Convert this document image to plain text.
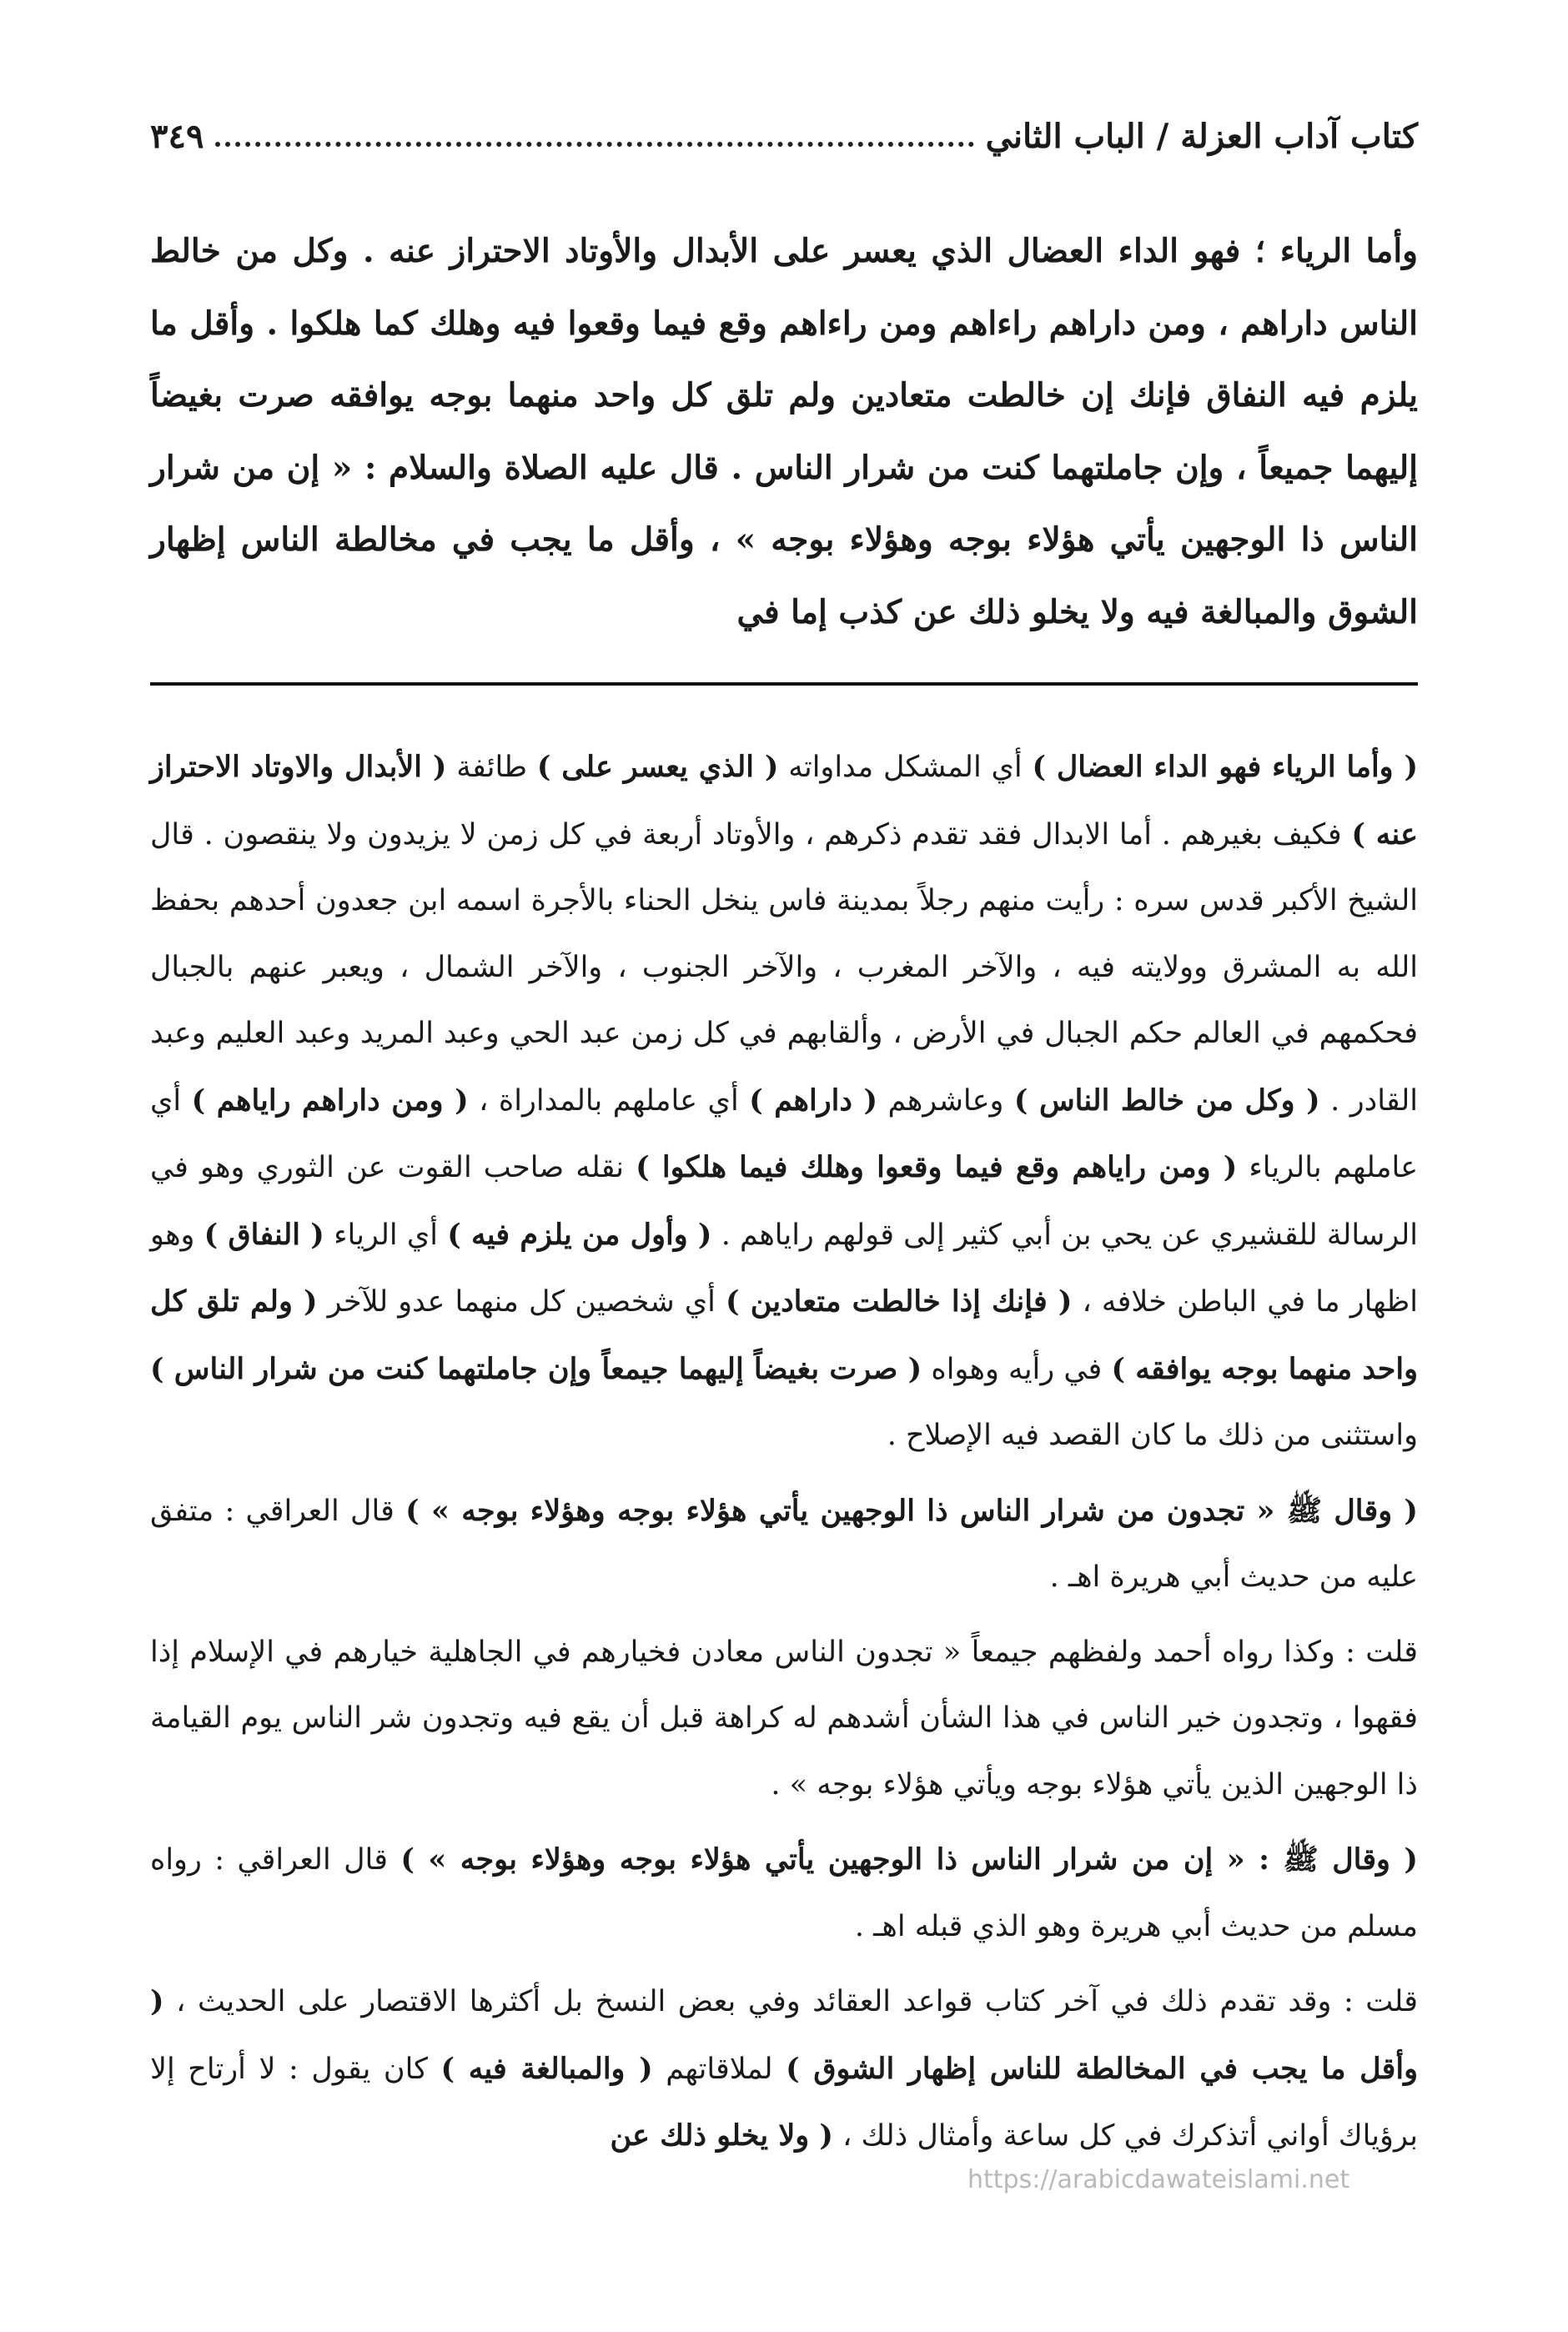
كتاب آداب العزلة / الباب الثاني
٣٤٩

وأما الرياء ؛ فهو الداء العضال الذي يعسر على الأبدال والأوتاد الاحتراز عنه . وكل من خالط الناس داراهم ، ومن داراهم راءاهم ومن راءاهم وقع فيما وقعوا فيه وهلك كما هلكوا . وأقل ما يلزم فيه النفاق فإنك إن خالطت متعادين ولم تلق كل واحد منهما بوجه يوافقه صرت بغيضاً إليهما جميعاً ، وإن جاملتهما كنت من شرار الناس . قال عليه الصلاة والسلام : « إن من شرار الناس ذا الوجهين يأتي هؤلاء بوجه وهؤلاء بوجه » ، وأقل ما يجب في مخالطة الناس إظهار الشوق والمبالغة فيه ولا يخلو ذلك عن كذب إما في

( وأما الرياء فهو الداء العضال ) أي المشكل مداواته ( الذي يعسر على ) طائفة ( الأبدال والاوتاد الاحتراز عنه ) فكيف بغيرهم . أما الابدال فقد تقدم ذكرهم ، والأوتاد أربعة في كل زمن لا يزيدون ولا ينقصون . قال الشيخ الأكبر قدس سره : رأيت منهم رجلاً بمدينة فاس ينخل الحناء بالأجرة اسمه ابن جعدون أحدهم بحفظ الله به المشرق وولايته فيه ، والآخر المغرب ، والآخر الجنوب ، والآخر الشمال ، ويعبر عنهم بالجبال فحكمهم في العالم حكم الجبال في الأرض ، وألقابهم في كل زمن عبد الحي وعبد المريد وعبد العليم وعبد القادر . ( وكل من خالط الناس ) وعاشرهم ( داراهم ) أي عاملهم بالمداراة ، ( ومن داراهم راياهم ) أي عاملهم بالرياء ( ومن راياهم وقع فيما وقعوا وهلك فيما هلكوا ) نقله صاحب القوت عن الثوري وهو في الرسالة للقشيري عن يحي بن أبي كثير إلى قولهم راياهم . ( وأول من يلزم فيه ) أي الرياء ( النفاق ) وهو اظهار ما في الباطن خلافه ، ( فإنك إذا خالطت متعادين ) أي شخصين كل منهما عدو للآخر ( ولم تلق كل واحد منهما بوجه يوافقه ) في رأيه وهواه ( صرت بغيضاً إليهما جيمعاً وإن جاملتهما كنت من شرار الناس ) واستثنى من ذلك ما كان القصد فيه الإصلاح .

( وقال ﷺ « تجدون من شرار الناس ذا الوجهين يأتي هؤلاء بوجه وهؤلاء بوجه » ) قال العراقي : متفق عليه من حديث أبي هريرة اهـ .

قلت : وكذا رواه أحمد ولفظهم جيمعاً « تجدون الناس معادن فخيارهم في الجاهلية خيارهم في الإسلام إذا فقهوا ، وتجدون خير الناس في هذا الشأن أشدهم له كراهة قبل أن يقع فيه وتجدون شر الناس يوم القيامة ذا الوجهين الذين يأتي هؤلاء بوجه ويأتي هؤلاء بوجه » .

( وقال ﷺ : « إن من شرار الناس ذا الوجهين يأتي هؤلاء بوجه وهؤلاء بوجه » ) قال العراقي : رواه مسلم من حديث أبي هريرة وهو الذي قبله اهـ .

قلت : وقد تقدم ذلك في آخر كتاب قواعد العقائد وفي بعض النسخ بل أكثرها الاقتصار على الحديث ، ( وأقل ما يجب في المخالطة للناس إظهار الشوق ) لملاقاتهم ( والمبالغة فيه ) كان يقول : لا أرتاح إلا برؤياك أواني أتذكرك في كل ساعة وأمثال ذلك ، ( ولا يخلو ذلك عن

https://arabicdawateislami.net
